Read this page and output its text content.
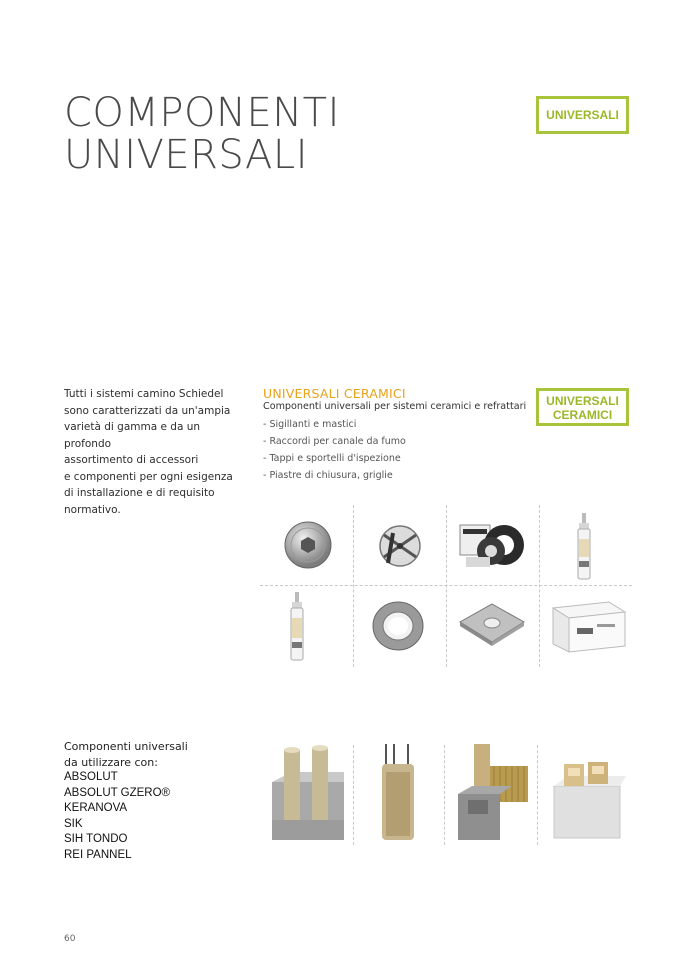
COMPONENTI
UNIVERSALI
UNIVERSALI
Tutti i sistemi camino Schiedel
sono caratterizzati da un'ampia
varietà di gamma e da un profondo
assortimento di accessori
e componenti per ogni esigenza
di installazione e di requisito
normativo.
UNIVERSALI CERAMICI
Componenti universali per sistemi ceramici e refrattari
- Sigillanti e mastici
- Raccordi per canale da fumo
- Tappi e sportelli d'ispezione
- Piastre di chiusura, griglie
UNIVERSALI
CERAMICI
Componenti universali
da utilizzare con:
ABSOLUT
ABSOLUT GZERO®
KERANOVA
SIK
SIH TONDO
REI PANNEL
60
